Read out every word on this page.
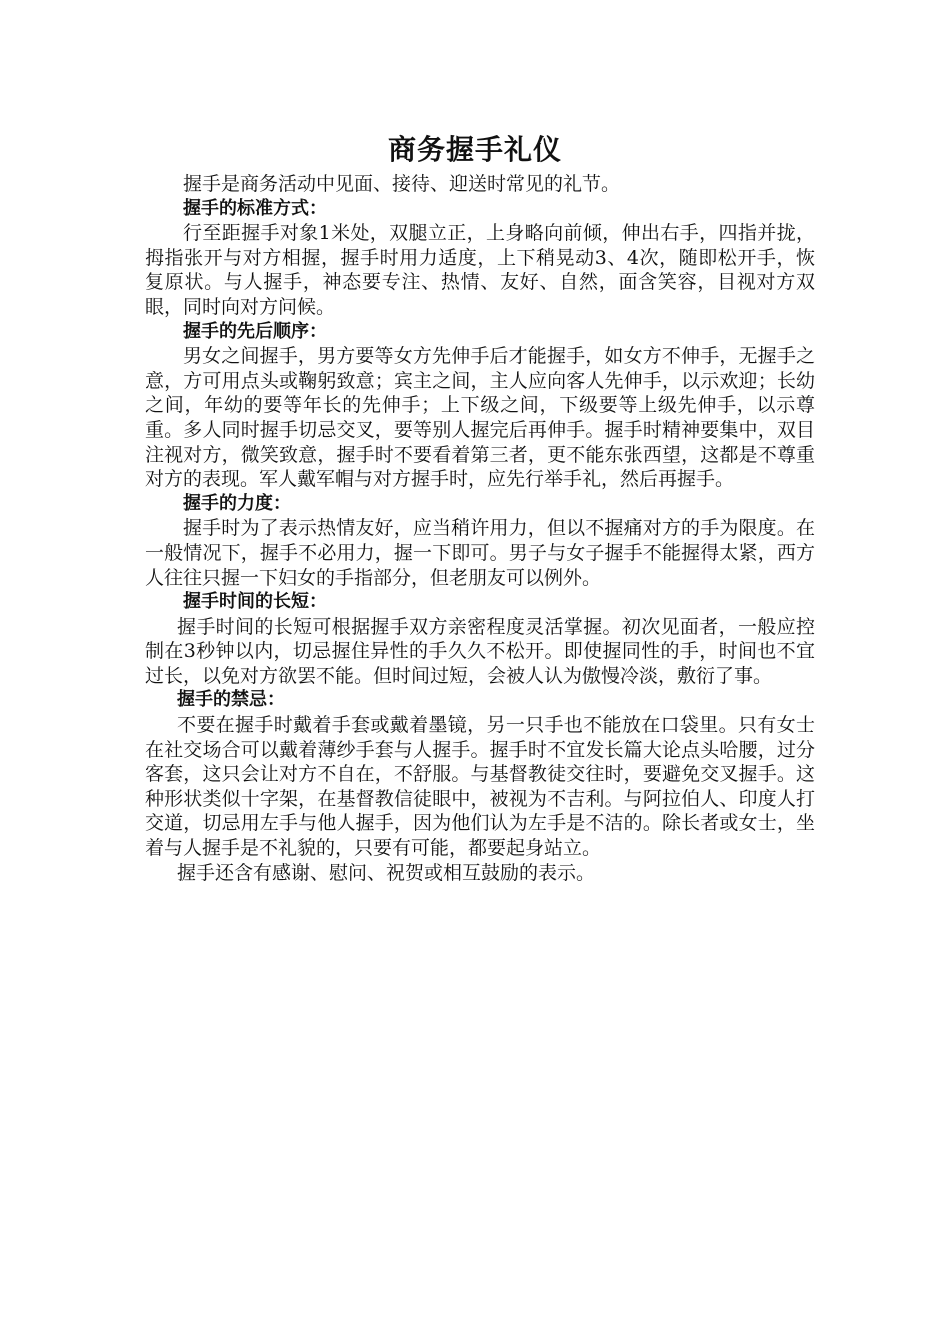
商务握手礼仪

握手是商务活动中见面、接待、迎送时常见的礼节。

握手的标准方式：

行至距握手对象1米处，双腿立正，上身略向前倾，伸出右手，四指并拢，拇指张开与对方相握，握手时用力适度，上下稍晃动3、4次，随即松开手，恢复原状。与人握手，神态要专注、热情、友好、自然，面含笑容，目视对方双眼，同时向对方问候。

握手的先后顺序：

男女之间握手，男方要等女方先伸手后才能握手，如女方不伸手，无握手之意，方可用点头或鞠躬致意；宾主之间，主人应向客人先伸手，以示欢迎；长幼之间，年幼的要等年长的先伸手；上下级之间，下级要等上级先伸手，以示尊重。多人同时握手切忌交叉，要等别人握完后再伸手。握手时精神要集中，双目注视对方，微笑致意，握手时不要看着第三者，更不能东张西望，这都是不尊重对方的表现。军人戴军帽与对方握手时，应先行举手礼，然后再握手。

握手的力度：

握手时为了表示热情友好，应当稍许用力，但以不握痛对方的手为限度。在一般情况下，握手不必用力，握一下即可。男子与女子握手不能握得太紧，西方人往往只握一下妇女的手指部分，但老朋友可以例外。

握手时间的长短：

握手时间的长短可根据握手双方亲密程度灵活掌握。初次见面者，一般应控制在3秒钟以内，切忌握住异性的手久久不松开。即使握同性的手，时间也不宜过长，以免对方欲罢不能。但时间过短，会被人认为傲慢冷淡，敷衍了事。

握手的禁忌：

不要在握手时戴着手套或戴着墨镜，另一只手也不能放在口袋里。只有女士在社交场合可以戴着薄纱手套与人握手。握手时不宜发长篇大论点头哈腰，过分客套，这只会让对方不自在，不舒服。与基督教徒交往时，要避免交叉握手。这种形状类似十字架，在基督教信徒眼中，被视为不吉利。与阿拉伯人、印度人打交道，切忌用左手与他人握手，因为他们认为左手是不洁的。除长者或女士，坐着与人握手是不礼貌的，只要有可能，都要起身站立。

握手还含有感谢、慰问、祝贺或相互鼓励的表示。
